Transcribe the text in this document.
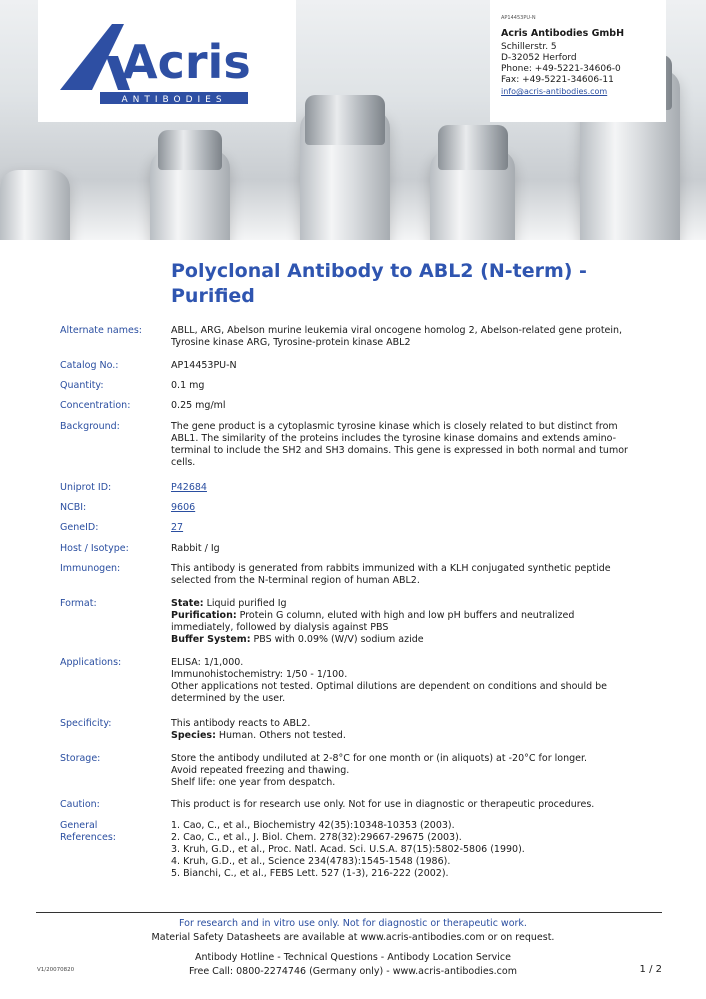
Acris
ANTIBODIES
AP14453PU-N
Acris Antibodies GmbH
Schillerstr. 5
D-32052 Herford
Phone: +49-5221-34606-0
Fax: +49-5221-34606-11
info@acris-antibodies.com
Polyclonal Antibody to ABL2 (N-term) -
Purified
Alternate names:	ABLL, ARG, Abelson murine leukemia viral oncogene homolog 2, Abelson-related gene protein,
Tyrosine kinase ARG, Tyrosine-protein kinase ABL2
Catalog No.:	AP14453PU-N
Quantity:	0.1 mg
Concentration:	0.25 mg/ml
Background:	The gene product is a cytoplasmic tyrosine kinase which is closely related to but distinct from
ABL1. The similarity of the proteins includes the tyrosine kinase domains and extends amino-
terminal to include the SH2 and SH3 domains. This gene is expressed in both normal and tumor
cells.
Uniprot ID:	P42684
NCBI:	9606
GeneID:	27
Host / Isotype:	Rabbit / Ig
Immunogen:	This antibody is generated from rabbits immunized with a KLH conjugated synthetic peptide
selected from the N-terminal region of human ABL2.
Format:	State: Liquid purified Ig
Purification: Protein G column, eluted with high and low pH buffers and neutralized
immediately, followed by dialysis against PBS
Buffer System: PBS with 0.09% (W/V) sodium azide
Applications:	ELISA: 1/1,000.
Immunohistochemistry: 1/50 - 1/100.
Other applications not tested. Optimal dilutions are dependent on conditions and should be
determined by the user.
Specificity:	This antibody reacts to ABL2.
Species: Human. Others not tested.
Storage:	Store the antibody undiluted at 2-8°C for one month or (in aliquots) at -20°C for longer.
Avoid repeated freezing and thawing.
Shelf life: one year from despatch.
Caution:	This product is for research use only. Not for use in diagnostic or therapeutic procedures.
General
References:
1. Cao, C., et al., Biochemistry 42(35):10348-10353 (2003).
2. Cao, C., et al., J. Biol. Chem. 278(32):29667-29675 (2003).
3. Kruh, G.D., et al., Proc. Natl. Acad. Sci. U.S.A. 87(15):5802-5806 (1990).
4. Kruh, G.D., et al., Science 234(4783):1545-1548 (1986).
5. Bianchi, C., et al., FEBS Lett. 527 (1-3), 216-222 (2002).
For research and in vitro use only. Not for diagnostic or therapeutic work.
Material Safety Datasheets are available at www.acris-antibodies.com or on request.
Antibody Hotline - Technical Questions - Antibody Location Service
Free Call: 0800-2274746 (Germany only) - www.acris-antibodies.com
V1/20070820	1 / 2
